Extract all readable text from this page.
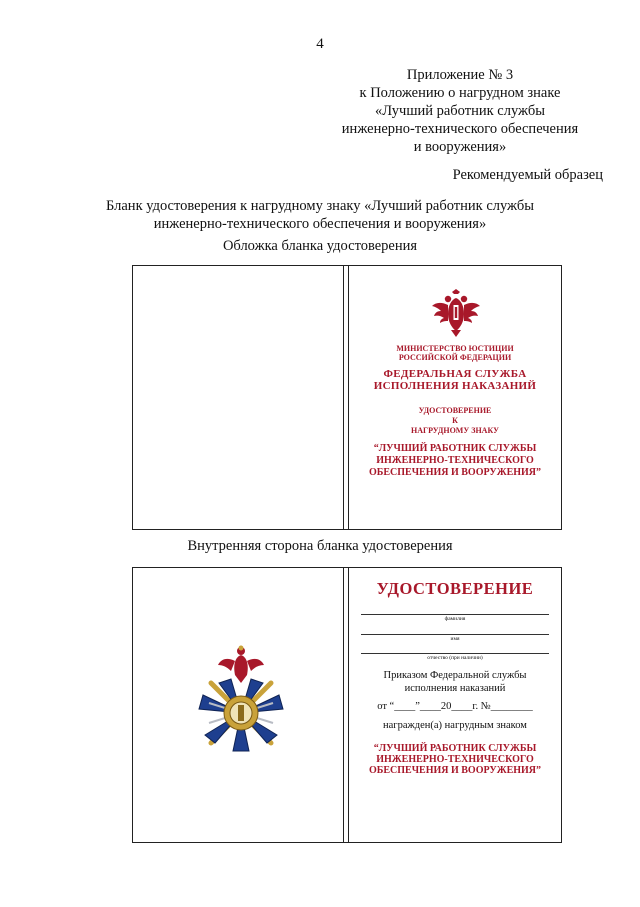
4
Приложение № 3
к Положению о нагрудном знаке
«Лучший работник службы
инженерно-технического обеспечения
и вооружения»
Рекомендуемый образец
Бланк удостоверения к нагрудному знаку «Лучший работник службы
инженерно-технического обеспечения и вооружения»
Обложка бланка удостоверения
МИНИСТЕРСТВО ЮСТИЦИИ
РОССИЙСКОЙ ФЕДЕРАЦИИ
ФЕДЕРАЛЬНАЯ СЛУЖБА
ИСПОЛНЕНИЯ НАКАЗАНИЙ
УДОСТОВЕРЕНИЕ
К
НАГРУДНОМУ ЗНАКУ
“ЛУЧШИЙ РАБОТНИК СЛУЖБЫ
ИНЖЕНЕРНО-ТЕХНИЧЕСКОГО
ОБЕСПЕЧЕНИЯ И ВООРУЖЕНИЯ”
Внутренняя сторона бланка удостоверения
УДОСТОВЕРЕНИЕ
фамилия
имя
отчество (при наличии)
Приказом Федеральной службы
исполнения наказаний
от “____”____20____г. №________
награжден(а) нагрудным знаком
“ЛУЧШИЙ РАБОТНИК СЛУЖБЫ
ИНЖЕНЕРНО-ТЕХНИЧЕСКОГО
ОБЕСПЕЧЕНИЯ И ВООРУЖЕНИЯ”
